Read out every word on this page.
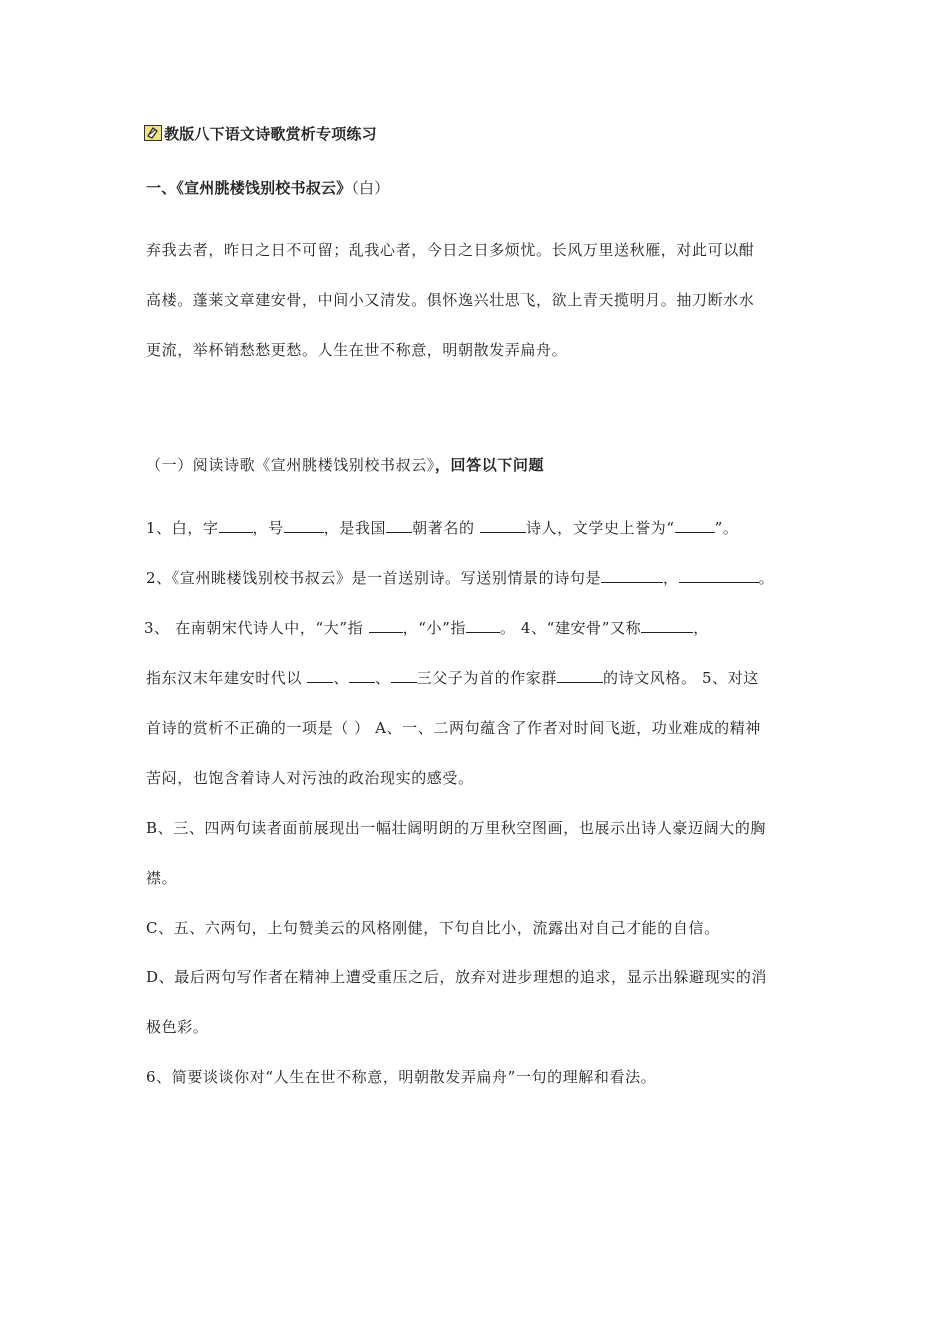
教版八下语文诗歌赏析专项练习
一、《宣州朓楼饯别校书叔云》（白）
弃我去者，昨日之日不可留；乱我心者，今日之日多烦忧。长风万里送秋雁，对此可以酣
高楼。蓬莱文章建安骨，中间小又清发。俱怀逸兴壮思飞，欲上青天揽明月。抽刀断水水
更流，举杯销愁愁更愁。人生在世不称意，明朝散发弄扁舟。
（一）阅读诗歌《宣州朓楼饯别校书叔云》，回答以下问题
1、白，字 ，号	，是我国 朝著名的	诗人，文学史上誉为“	”。
2、《宣州眺楼饯别校书叔云》是一首送别诗。写送别情景的诗句是	，	。
3、 在南朝宋代诗人中，“大”指 ，“小”指 。 4、“建安骨”又称	，
指东汉末年建安时代以 、 、 三父子为首的作家群	的诗文风格。 5、对这
首诗的赏析不正确的一项是（ ） A、一、二两句蕴含了作者对时间飞逝，功业难成的精神
苦闷，也饱含着诗人对污浊的政治现实的感受。
B、三、四两句读者面前展现出一幅壮阔明朗的万里秋空图画，也展示出诗人豪迈阔大的胸
襟。
C、五、六两句，上句赞美云的风格刚健，下句自比小，流露出对自己才能的自信。
D、最后两句写作者在精神上遭受重压之后，放弃对进步理想的追求，显示出躲避现实的消
极色彩。
6、简要谈谈你对“人生在世不称意，明朝散发弄扁舟”一句的理解和看法。
